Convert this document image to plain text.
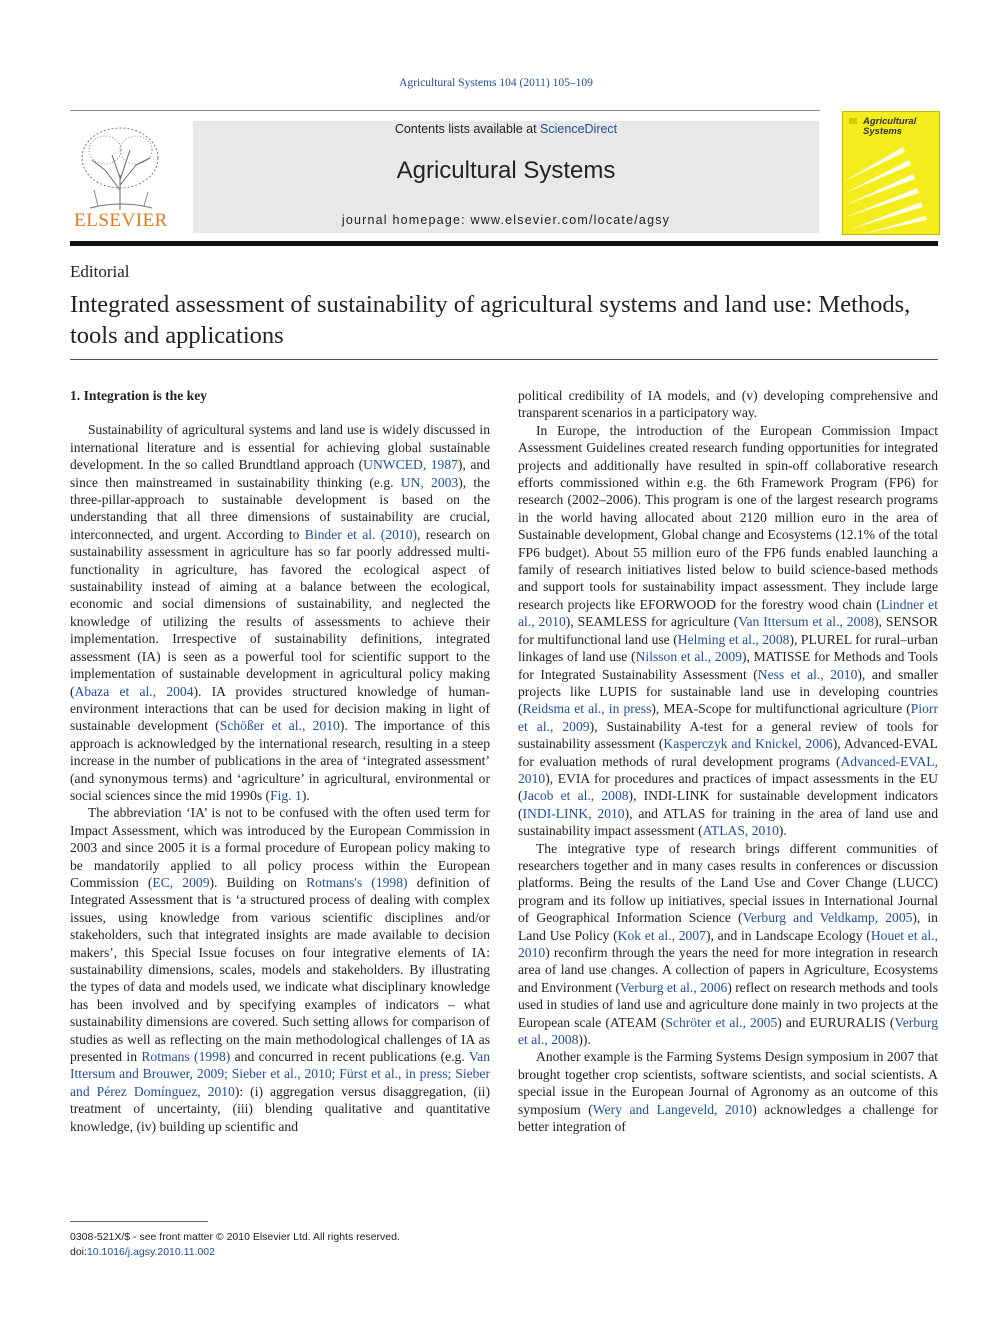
Agricultural Systems 104 (2011) 105–109
ELSEVIER
Contents lists available at ScienceDirect
Agricultural Systems
journal homepage: www.elsevier.com/locate/agsy
Agricultural
Systems
Editorial
Integrated assessment of sustainability of agricultural systems and land use: Methods, tools and applications
1. Integration is the key

Sustainability of agricultural systems and land use is widely discussed in international literature and is essential for achieving global sustainable development. In the so called Brundtland approach (UNWCED, 1987), and since then mainstreamed in sustainability thinking (e.g. UN, 2003), the three-pillar-approach to sustainable development is based on the understanding that all three dimensions of sustainability are crucial, interconnected, and urgent. According to Binder et al. (2010), research on sustainability assessment in agriculture has so far poorly addressed multi-functionality in agriculture, has favored the ecological aspect of sustainability instead of aiming at a balance between the ecological, economic and social dimensions of sustainability, and neglected the knowledge of utilizing the results of assessments to achieve their implementation. Irrespective of sustainability definitions, integrated assessment (IA) is seen as a powerful tool for scientific support to the implementation of sustainable development in agricultural policy making (Abaza et al., 2004). IA provides structured knowledge of human-environment interactions that can be used for decision making in light of sustainable development (Schößer et al., 2010). The importance of this approach is acknowledged by the international research, resulting in a steep increase in the number of publications in the area of ‘integrated assessment’ (and synonymous terms) and ‘agriculture’ in agricultural, environmental or social sciences since the mid 1990s (Fig. 1).

The abbreviation ‘IA’ is not to be confused with the often used term for Impact Assessment, which was introduced by the European Commission in 2003 and since 2005 it is a formal procedure of European policy making to be mandatorily applied to all policy process within the European Commission (EC, 2009). Building on Rotmans's (1998) definition of Integrated Assessment that is ‘a structured process of dealing with complex issues, using knowledge from various scientific disciplines and/or stakeholders, such that integrated insights are made available to decision makers’, this Special Issue focuses on four integrative elements of IA: sustainability dimensions, scales, models and stakeholders. By illustrating the types of data and models used, we indicate what disciplinary knowledge has been involved and by specifying examples of indicators – what sustainability dimensions are covered. Such setting allows for comparison of studies as well as reflecting on the main methodological challenges of IA as presented in Rotmans (1998) and concurred in recent publications (e.g. Van Ittersum and Brouwer, 2009; Sieber et al., 2010; Fürst et al., in press; Sieber and Pérez Domínguez, 2010): (i) aggregation versus disaggregation, (ii) treatment of uncertainty, (iii) blending qualitative and quantitative knowledge, (iv) building up scientific and

political credibility of IA models, and (v) developing comprehensive and transparent scenarios in a participatory way.

In Europe, the introduction of the European Commission Impact Assessment Guidelines created research funding opportunities for integrated projects and additionally have resulted in spin-off collaborative research efforts commissioned within e.g. the 6th Framework Program (FP6) for research (2002–2006). This program is one of the largest research programs in the world having allocated about 2120 million euro in the area of Sustainable development, Global change and Ecosystems (12.1% of the total FP6 budget). About 55 million euro of the FP6 funds enabled launching a family of research initiatives listed below to build science-based methods and support tools for sustainability impact assessment. They include large research projects like EFORWOOD for the forestry wood chain (Lindner et al., 2010), SEAMLESS for agriculture (Van Ittersum et al., 2008), SENSOR for multifunctional land use (Helming et al., 2008), PLUREL for rural–urban linkages of land use (Nilsson et al., 2009), MATISSE for Methods and Tools for Integrated Sustainability Assessment (Ness et al., 2010), and smaller projects like LUPIS for sustainable land use in developing countries (Reidsma et al., in press), MEA-Scope for multifunctional agriculture (Piorr et al., 2009), Sustainability A-test for a general review of tools for sustainability assessment (Kasperczyk and Knickel, 2006), Advanced-EVAL for evaluation methods of rural development programs (Advanced-EVAL, 2010), EVIA for procedures and practices of impact assessments in the EU (Jacob et al., 2008), INDI-LINK for sustainable development indicators (INDI-LINK, 2010), and ATLAS for training in the area of land use and sustainability impact assessment (ATLAS, 2010).

The integrative type of research brings different communities of researchers together and in many cases results in conferences or discussion platforms. Being the results of the Land Use and Cover Change (LUCC) program and its follow up initiatives, special issues in International Journal of Geographical Information Science (Verburg and Veldkamp, 2005), in Land Use Policy (Kok et al., 2007), and in Landscape Ecology (Houet et al., 2010) reconfirm through the years the need for more integration in research area of land use changes. A collection of papers in Agriculture, Ecosystems and Environment (Verburg et al., 2006) reflect on research methods and tools used in studies of land use and agriculture done mainly in two projects at the European scale (ATEAM (Schröter et al., 2005) and EURURALIS (Verburg et al., 2008)).

Another example is the Farming Systems Design symposium in 2007 that brought together crop scientists, software scientists, and social scientists. A special issue in the European Journal of Agronomy as an outcome of this symposium (Wery and Langeveld, 2010) acknowledges a challenge for better integration of

0308-521X/$ - see front matter © 2010 Elsevier Ltd. All rights reserved.
doi:10.1016/j.agsy.2010.11.002
